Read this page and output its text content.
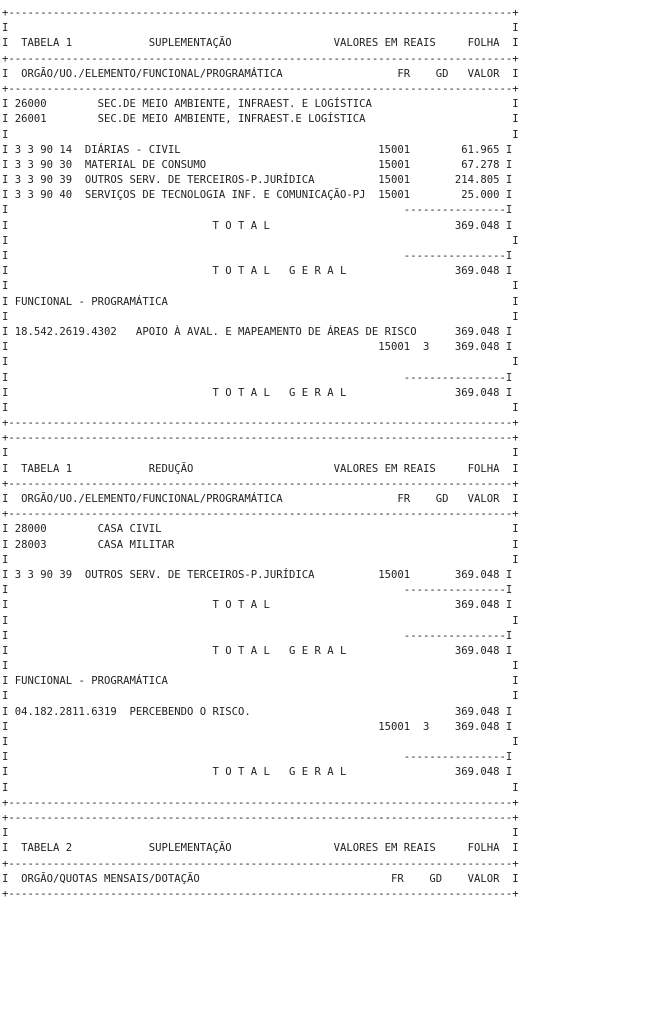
+-------------------------------------------------------------------------------+
I                                                                               I
I  TABELA 1            SUPLEMENTAÇÃO                VALORES EM REAIS     FOLHA  I
+-------------------------------------------------------------------------------+
I  ORGÃO/UO./ELEMENTO/FUNCIONAL/PROGRAMÁTICA                  FR    GD   VALOR  I
+-------------------------------------------------------------------------------+
I 26000        SEC.DE MEIO AMBIENTE, INFRAEST. E LOGÍSTICA                      I
I 26001        SEC.DE MEIO AMBIENTE, INFRAEST.E LOGÍSTICA                       I
I                                                                               I
I 3 3 90 14  DIÁRIAS - CIVIL                               15001        61.965 I
I 3 3 90 30  MATERIAL DE CONSUMO                           15001        67.278 I
I 3 3 90 39  OUTROS SERV. DE TERCEIROS-P.JURÍDICA          15001       214.805 I
I 3 3 90 40  SERVIÇOS DE TECNOLOGIA INF. E COMUNICAÇÃO-PJ  15001        25.000 I
I                                                              ----------------I
I                                T O T A L                             369.048 I
I                                                                               I
I                                                              ----------------I
I                                T O T A L   G E R A L                 369.048 I
I                                                                               I
I FUNCIONAL - PROGRAMÁTICA                                                      I
I                                                                               I
I 18.542.2619.4302   APOIO À AVAL. E MAPEAMENTO DE ÁREAS DE RISCO      369.048 I
I                                                          15001  3    369.048 I
I                                                                               I
I                                                              ----------------I
I                                T O T A L   G E R A L                 369.048 I
I                                                                               I
+-------------------------------------------------------------------------------+
+-------------------------------------------------------------------------------+
I                                                                               I
I  TABELA 1            REDUÇÃO                      VALORES EM REAIS     FOLHA  I
+-------------------------------------------------------------------------------+
I  ORGÃO/UO./ELEMENTO/FUNCIONAL/PROGRAMÁTICA                  FR    GD   VALOR  I
+-------------------------------------------------------------------------------+
I 28000        CASA CIVIL                                                       I
I 28003        CASA MILITAR                                                     I
I                                                                               I
I 3 3 90 39  OUTROS SERV. DE TERCEIROS-P.JURÍDICA          15001       369.048 I
I                                                              ----------------I
I                                T O T A L                             369.048 I
I                                                                               I
I                                                              ----------------I
I                                T O T A L   G E R A L                 369.048 I
I                                                                               I
I FUNCIONAL - PROGRAMÁTICA                                                      I
I                                                                               I
I 04.182.2811.6319  PERCEBENDO O RISCO.                                369.048 I
I                                                          15001  3    369.048 I
I                                                                               I
I                                                              ----------------I
I                                T O T A L   G E R A L                 369.048 I
I                                                                               I
+-------------------------------------------------------------------------------+
+-------------------------------------------------------------------------------+
I                                                                               I
I  TABELA 2            SUPLEMENTAÇÃO                VALORES EM REAIS     FOLHA  I
+-------------------------------------------------------------------------------+
I  ORGÃO/QUOTAS MENSAIS/DOTAÇÃO                              FR    GD    VALOR  I
+-------------------------------------------------------------------------------+
